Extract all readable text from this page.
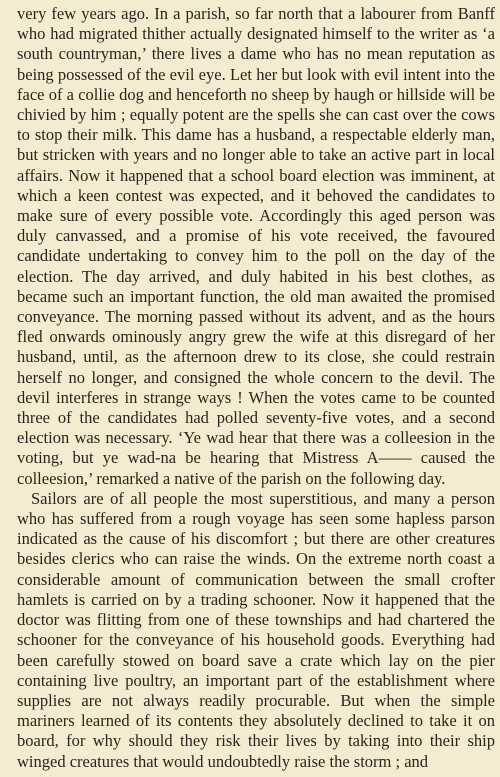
very few years ago. In a parish, so far north that a labourer from Banff who had migrated thither actually designated himself to the writer as ‘a south countryman,’ there lives a dame who has no mean reputation as being possessed of the evil eye. Let her but look with evil intent into the face of a collie dog and henceforth no sheep by haugh or hillside will be chivied by him ; equally potent are the spells she can cast over the cows to stop their milk. This dame has a husband, a respectable elderly man, but stricken with years and no longer able to take an active part in local affairs. Now it happened that a school board election was imminent, at which a keen contest was expected, and it behoved the candidates to make sure of every possible vote. Accordingly this aged person was duly canvassed, and a promise of his vote received, the favoured candidate undertaking to convey him to the poll on the day of the election. The day arrived, and duly habited in his best clothes, as became such an important function, the old man awaited the promised conveyance. The morning passed without its advent, and as the hours fled onwards ominously angry grew the wife at this disregard of her husband, until, as the afternoon drew to its close, she could restrain herself no longer, and consigned the whole concern to the devil. The devil interferes in strange ways ! When the votes came to be counted three of the candidates had polled seventy-five votes, and a second election was necessary. ‘Ye wad hear that there was a colleesion in the voting, but ye wad-na be hearing that Mistress A—— caused the colleesion,’ remarked a native of the parish on the following day.

Sailors are of all people the most superstitious, and many a person who has suffered from a rough voyage has seen some hapless parson indicated as the cause of his discomfort ; but there are other creatures besides clerics who can raise the winds. On the extreme north coast a considerable amount of communication between the small crofter hamlets is carried on by a trading schooner. Now it happened that the doctor was flitting from one of these townships and had chartered the schooner for the conveyance of his household goods. Everything had been carefully stowed on board save a crate which lay on the pier containing live poultry, an important part of the establishment where supplies are not always readily procurable. But when the simple mariners learned of its contents they absolutely declined to take it on board, for why should they risk their lives by taking into their ship winged creatures that would undoubtedly raise the storm ; and
